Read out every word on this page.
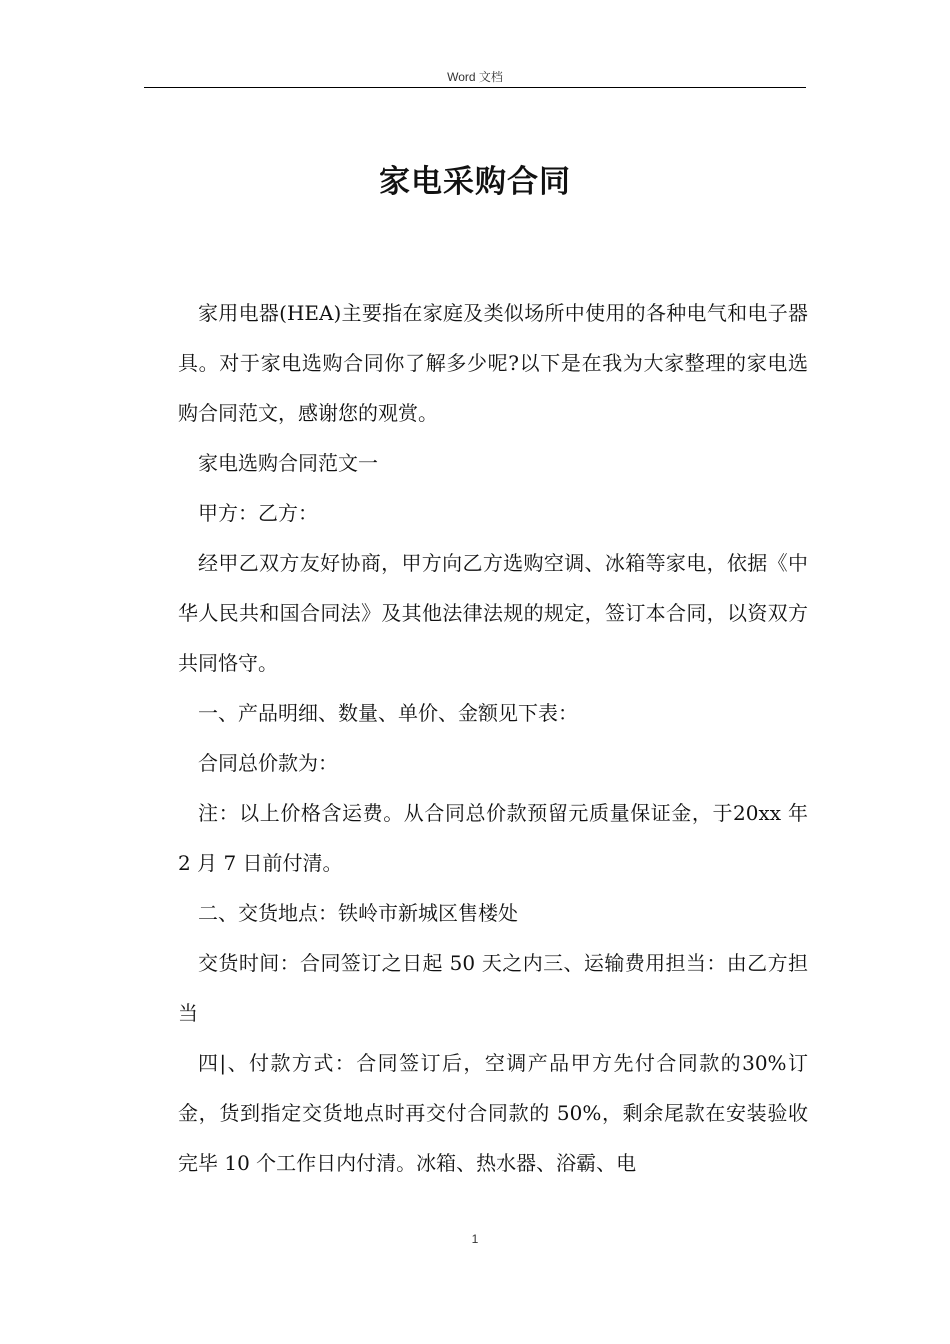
Word 文档
家电采购合同

家用电器(HEA)主要指在家庭及类似场所中使用的各种电气和电子器具。对于家电选购合同你了解多少呢?以下是在我为大家整理的家电选购合同范文，感谢您的观赏。

家电选购合同范文一

甲方：乙方：

经甲乙双方友好协商，甲方向乙方选购空调、冰箱等家电，依据《中华人民共和国合同法》及其他法律法规的规定，签订本合同，以资双方共同恪守。

一、产品明细、数量、单价、金额见下表：

合同总价款为：

注：以上价格含运费。从合同总价款预留元质量保证金，于20xx 年 2 月 7 日前付清。

二、交货地点：铁岭市新城区售楼处

交货时间：合同签订之日起 50 天之内三、运输费用担当：由乙方担当

四|、付款方式：合同签订后，空调产品甲方先付合同款的30%订金，货到指定交货地点时再交付合同款的 50%，剩余尾款在安装验收完毕 10 个工作日内付清。冰箱、热水器、浴霸、电

1
